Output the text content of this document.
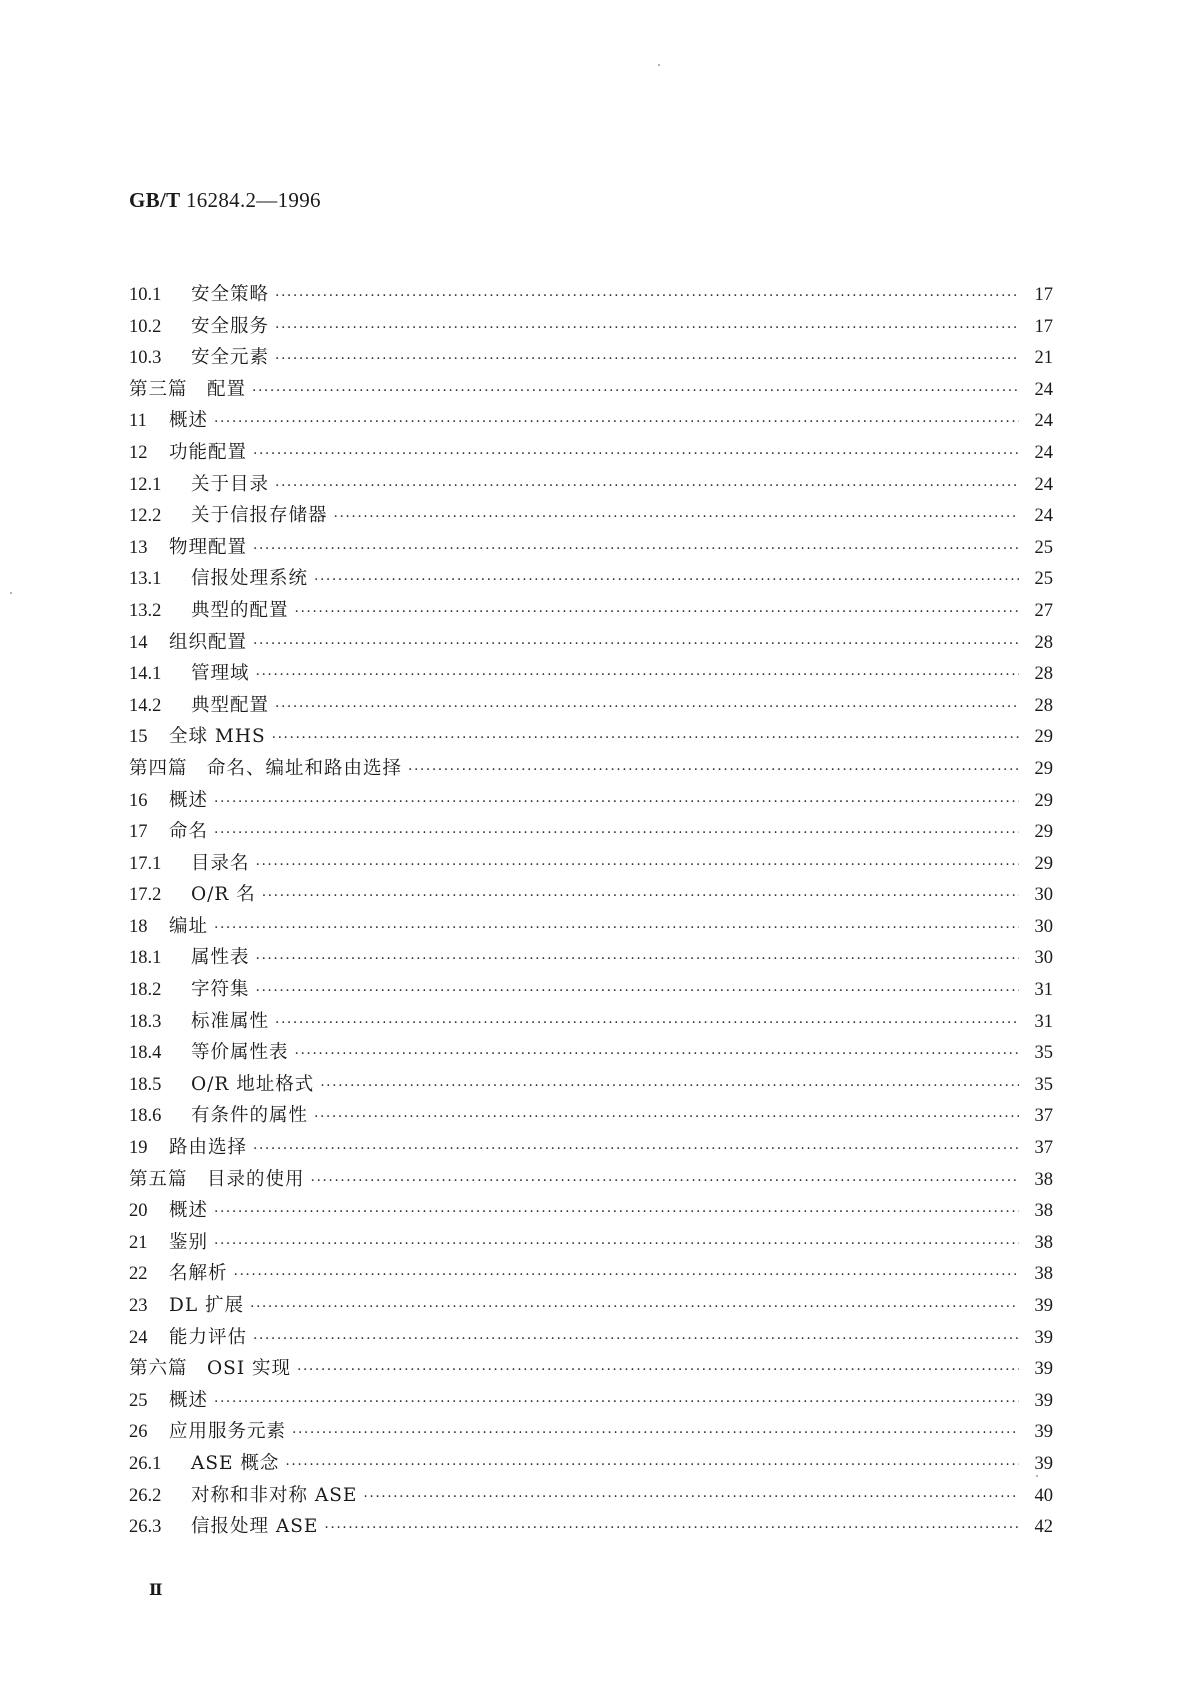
GB/T 16284.2—1996
10.1	安全策略 ·····	17
10.2	安全服务 ·····	17
10.3	安全元素 ·····	21
第三篇　配置 ·····	24
11	概述 ·····	24
12	功能配置 ·····	24
12.1	关于目录 ·····	24
12.2	关于信报存储器 ·····	24
13	物理配置 ·····	25
13.1	信报处理系统 ·····	25
13.2	典型的配置 ·····	27
14	组织配置 ·····	28
14.1	管理域 ·····	28
14.2	典型配置 ·····	28
15	全球 MHS ·····	29
第四篇　命名、编址和路由选择 ·····	29
16	概述 ·····	29
17	命名 ·····	29
17.1	目录名 ·····	29
17.2	O/R 名 ·····	30
18	编址 ·····	30
18.1	属性表 ·····	30
18.2	字符集 ·····	31
18.3	标准属性 ·····	31
18.4	等价属性表 ·····	35
18.5	O/R 地址格式 ·····	35
18.6	有条件的属性 ·····	37
19	路由选择 ·····	37
第五篇　目录的使用 ·····	38
20	概述 ·····	38
21	鉴别 ·····	38
22	名解析 ·····	38
23	DL 扩展 ·····	39
24	能力评估 ·····	39
第六篇　OSI 实现 ·····	39
25	概述 ·····	39
26	应用服务元素 ·····	39
26.1	ASE 概念 ·····	39
26.2	对称和非对称 ASE ·····	40
26.3	信报处理 ASE ·····	42
Ⅱ
